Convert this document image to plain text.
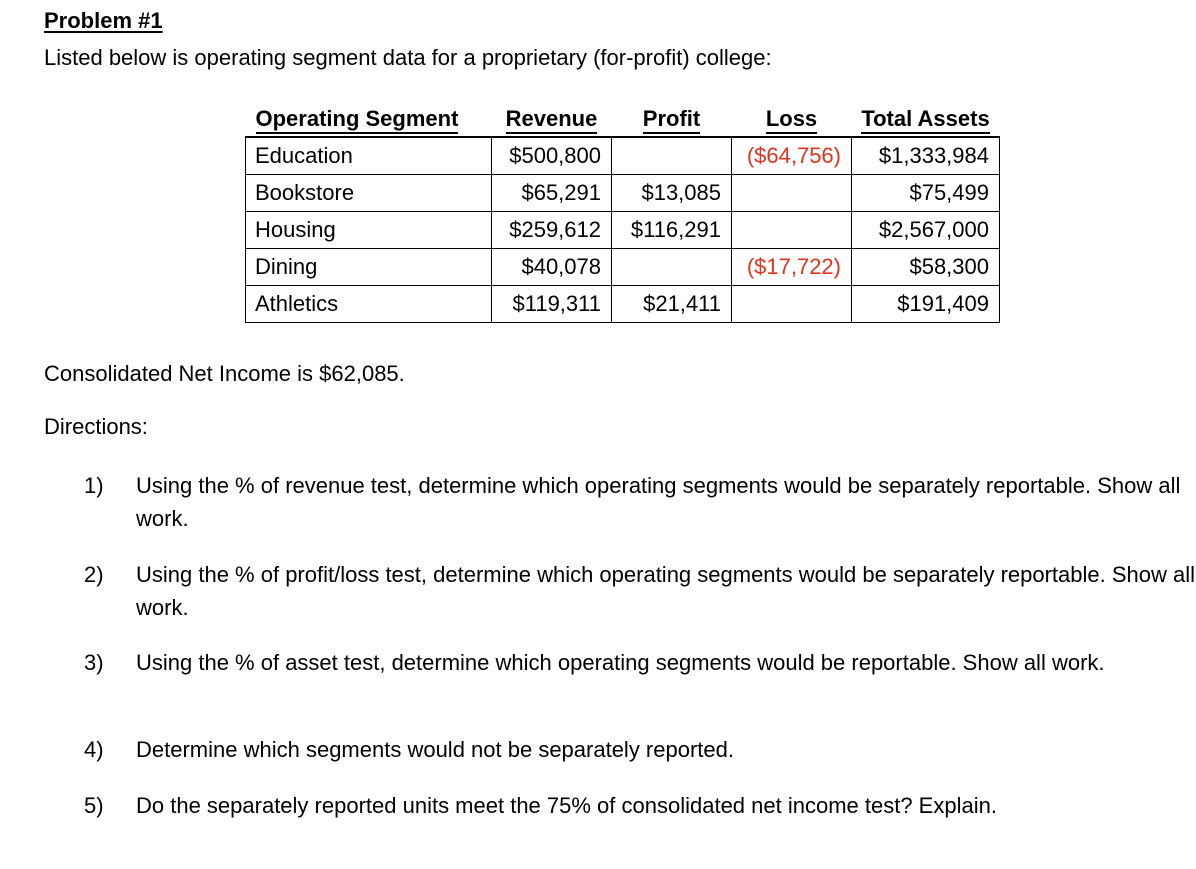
Problem #1
Listed below is operating segment data for a proprietary (for-profit) college:
Operating Segment	Revenue	Profit	Loss	Total Assets
Education	$500,800		($64,756)	$1,333,984
Bookstore	$65,291	$13,085		$75,499
Housing	$259,612	$116,291		$2,567,000
Dining	$40,078		($17,722)	$58,300
Athletics	$119,311	$21,411		$191,409
Consolidated Net Income is $62,085.
Directions:
1)	Using the % of revenue test, determine which operating segments would be separately reportable. Show all work.
2)	Using the % of profit/loss test, determine which operating segments would be separately reportable. Show all work.
3)	Using the % of asset test, determine which operating segments would be reportable. Show all work.
4)	Determine which segments would not be separately reported.
5)	Do the separately reported units meet the 75% of consolidated net income test? Explain.
